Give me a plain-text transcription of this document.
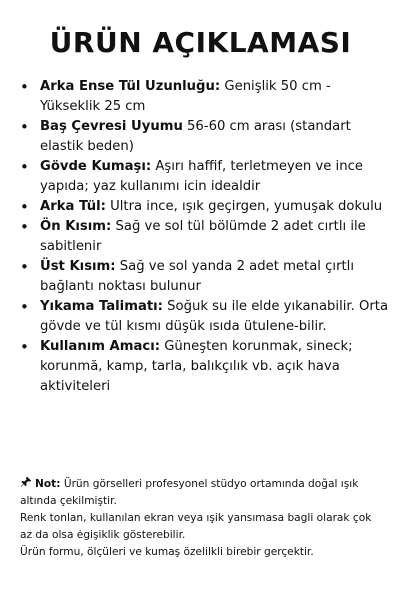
ÜRÜN AÇIKLAMASI
• Arka Ense Tül Uzunluğu: Genişlik 50 cm - Yükseklik 25 cm
• Baş Çevresi Uyumu 56-60 cm arası (standart elastik beden)
• Gövde Kumaşı: Aşırı haffif, terletmeyen ve ince yapıda; yaz kullanımı icin idealdir
• Arka Tül: Ultra ince, ışık geçirgen, yumuşak dokulu
• Ön Kısım: Sağ ve sol tül bölümde 2 adet cırtlı ile sabitlenir
• Üst Kısım: Sağ ve sol yanda 2 adet metal çırtlı bağlantı noktası bulunur
• Yıkama Talimatı: Soğuk su ile elde yıkanabilir. Orta gövde ve tül kısmı düşük ısıda ütulene-bilir.
• Kullanım Amacı: Güneşten korunmak, sineck; korunmă, kamp, tarla, balıkçılık vb. açık hava aktiviteleri
Not: Ürün görselleri profesyonel stüdyo ortamında doğal ışık altında çekilmiştir.
Renk tonlan, kullanılan ekran veya ışik yansımasa bagli olarak çok az da olsa ėgişiklik gösterebilir.
Ürün formu, ölçüleri ve kumaş özelilkli birebir gerçektir.
